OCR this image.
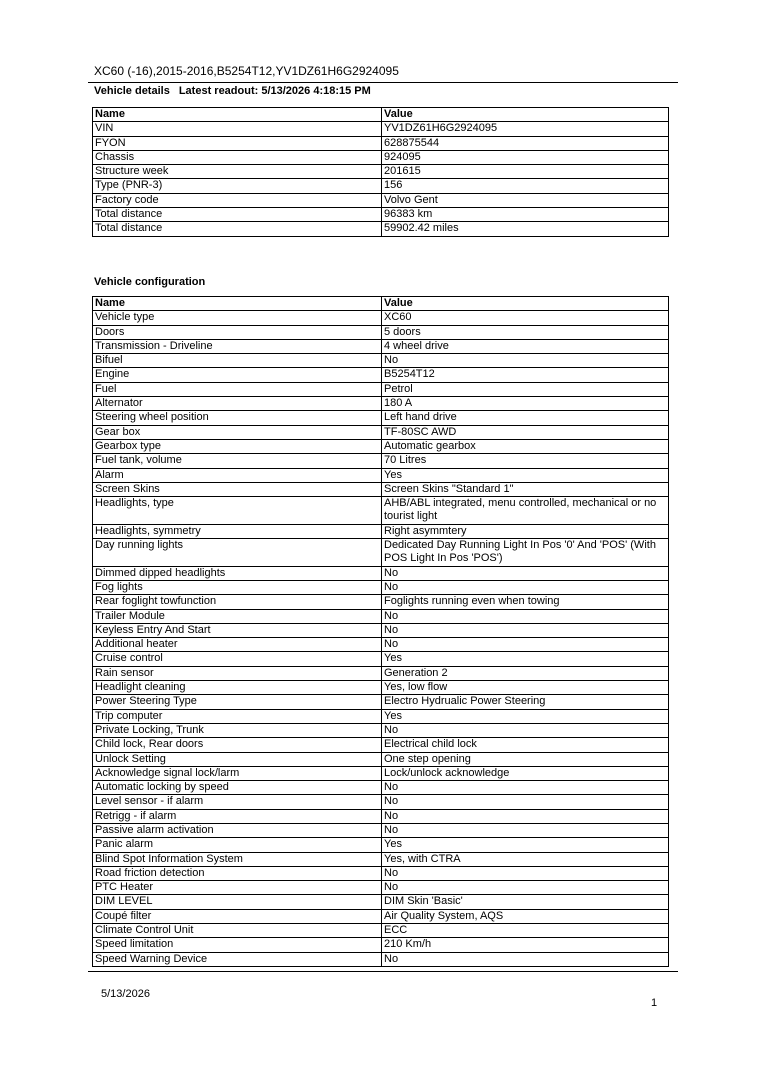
XC60 (-16),2015-2016,B5254T12,YV1DZ61H6G2924095
Vehicle details Latest readout: 5/13/2026 4:18:15 PM
Name	Value
VIN	YV1DZ61H6G2924095
FYON	628875544
Chassis	924095
Structure week	201615
Type (PNR-3)	156
Factory code	Volvo Gent
Total distance	96383 km
Total distance	59902.42 miles
Vehicle configuration
Name	Value
Vehicle type	XC60
Doors	5 doors
Transmission - Driveline	4 wheel drive
Bifuel	No
Engine	B5254T12
Fuel	Petrol
Alternator	180 A
Steering wheel position	Left hand drive
Gear box	TF-80SC AWD
Gearbox type	Automatic gearbox
Fuel tank, volume	70 Litres
Alarm	Yes
Screen Skins	Screen Skins "Standard 1"
Headlights, type	AHB/ABL integrated, menu controlled, mechanical or no tourist light
Headlights, symmetry	Right asymmtery
Day running lights	Dedicated Day Running Light In Pos '0' And 'POS' (With POS Light In Pos 'POS')
Dimmed dipped headlights	No
Fog lights	No
Rear foglight towfunction	Foglights running even when towing
Trailer Module	No
Keyless Entry And Start	No
Additional heater	No
Cruise control	Yes
Rain sensor	Generation 2
Headlight cleaning	Yes, low flow
Power Steering Type	Electro Hydrualic Power Steering
Trip computer	Yes
Private Locking, Trunk	No
Child lock, Rear doors	Electrical child lock
Unlock Setting	One step opening
Acknowledge signal lock/larm	Lock/unlock acknowledge
Automatic locking by speed	No
Level sensor - if alarm	No
Retrigg - if alarm	No
Passive alarm activation	No
Panic alarm	Yes
Blind Spot Information System	Yes, with CTRA
Road friction detection	No
PTC Heater	No
DIM LEVEL	DIM Skin 'Basic'
Coupé filter	Air Quality System, AQS
Climate Control Unit	ECC
Speed limitation	210 Km/h
Speed Warning Device	No
5/13/2026
1
